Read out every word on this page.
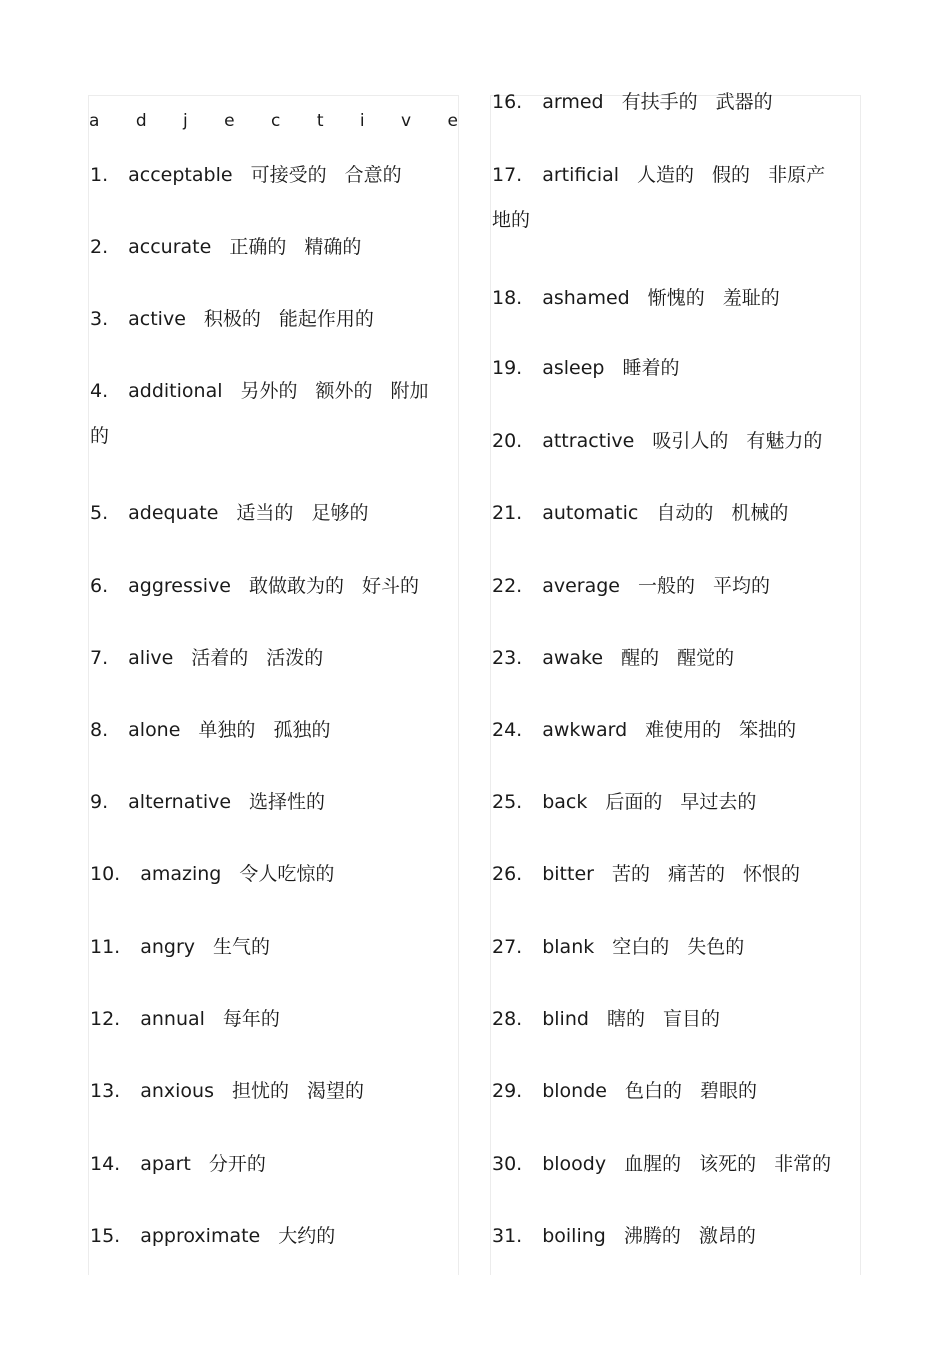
a d j e c t i v e
1. acceptable 可接受的 合意的
2. accurate 正确的 精确的
3. active 积极的 能起作用的
4. additional 另外的 额外的 附加
的
5. adequate 适当的 足够的
6. aggressive 敢做敢为的 好斗的
7. alive 活着的 活泼的
8. alone 单独的 孤独的
9. alternative 选择性的
10. amazing 令人吃惊的
11. angry 生气的
12. annual 每年的
13. anxious 担忧的 渴望的
14. apart 分开的
15. approximate 大约的
16. armed 有扶手的 武器的
17. artificial 人造的 假的 非原产
地的
18. ashamed 惭愧的 羞耻的
19. asleep 睡着的
20. attractive 吸引人的 有魅力的
21. automatic 自动的 机械的
22. average 一般的 平均的
23. awake 醒的 醒觉的
24. awkward 难使用的 笨拙的
25. back 后面的 早过去的
26. bitter 苦的 痛苦的 怀恨的
27. blank 空白的 失色的
28. blind 瞎的 盲目的
29. blonde 色白的 碧眼的
30. bloody 血腥的 该死的 非常的
31. boiling 沸腾的 激昂的
